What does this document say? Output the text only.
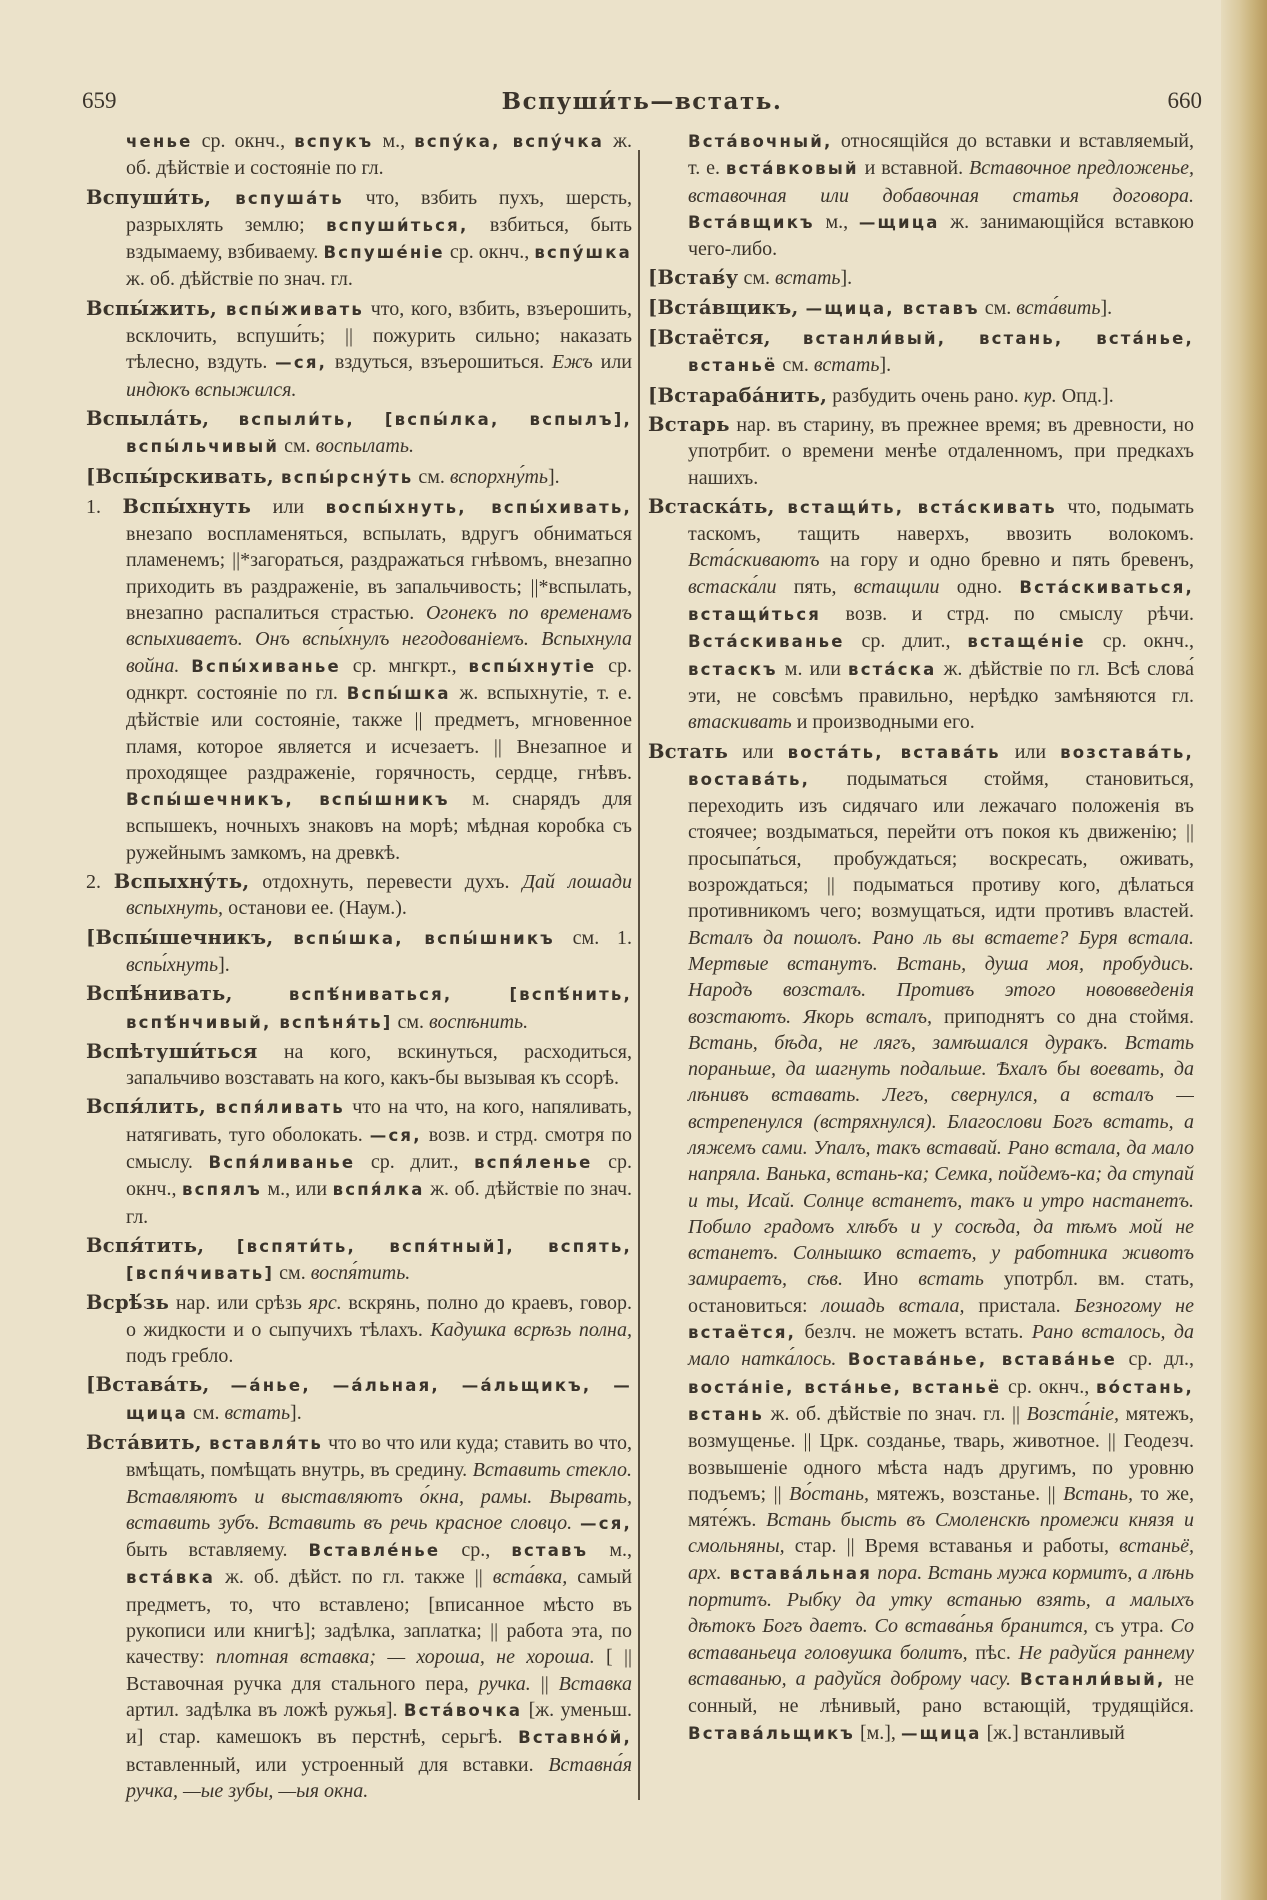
659	Вспуши́ть—встать.	660

ченье ср. окнч., вспукъ м., вспу́ка, вспу́чка ж. об. дѣйствіе и состояніе по гл.

Вспуши́ть, вспуша́ть что, взбить пухъ, шерсть, разрыхлять землю; вспуши́ться, взбиться, быть вздымаему, взбиваему. Вспуше́ніе ср. окнч., вспу́шка ж. об. дѣйствіе по знач. гл.

Вспы́жить, вспы́живать что, кого, взбить, взъерошить, всклочить, вспуши́ть; || пожурить сильно; наказать тѣлесно, вздуть. —ся, вздуться, взъерошиться. Ежъ или индюкъ вспыжился.

Вспыла́ть, вспыли́ть, [вспы́лка, вспылъ], вспы́льчивый см. воспылать.

[Вспы́рскивать, вспы́рсну́ть см. вспорхну́ть].

1. Вспы́хнуть или воспы́хнуть, вспы́хивать, внезапо воспламеняться, вспылать, вдругъ обниматься пламенемъ; ||*загораться, раздражаться гнѣвомъ, внезапно приходить въ раздраженіе, въ запальчивость; ||*вспылать, внезапно распалиться страстью. Огонекъ по временамъ вспыхиваетъ. Онъ вспы́хнулъ негодованіемъ. Вспыхнула война. Вспы́хиванье ср. мнгкрт., вспы́хнутіе ср. однкрт. состояніе по гл. Вспы́шка ж. вспыхнутіе, т. е. дѣйствіе или состояніе, также || предметъ, мгновенное пламя, которое является и исчезаетъ. || Внезапное и проходящее раздраженіе, горячность, сердце, гнѣвъ. Вспы́шечникъ, вспы́шникъ м. снарядъ для вспышекъ, ночныхъ знаковъ на морѣ; мѣдная коробка съ ружейнымъ замкомъ, на древкѣ.

2. Вспыхну́ть, отдохнуть, перевести духъ. Дай лошади вспыхнуть, останови ее. (Наум.).

[Вспы́шечникъ, вспы́шка, вспы́шникъ см. 1. вспы́хнуть].

Вспѣ́нивать, вспѣ́ниваться, [вспѣ́нить, вспѣ́нчивый, вспѣня́ть] см. воспѣнить.

Вспѣтуши́ться на кого, вскинуться, расходиться, запальчиво возставать на кого, какъ-бы вызывая къ ссорѣ.

Вспя́лить, вспя́ливать что на что, на кого, напяливать, натягивать, туго оболокать. —ся, возв. и стрд. смотря по смыслу. Вспя́ливанье ср. длит., вспя́ленье ср. окнч., вспялъ м., или вспя́лка ж. об. дѣйствіе по знач. гл.

Вспя́тить, [вспяти́ть, вспя́тный], вспять, [вспя́чивать] см. воспя́тить.

Всрѣ́зь нар. или срѣзь ярс. вскрянь, полно до краевъ, говор. о жидкости и о сыпучихъ тѣлахъ. Кадушка всрѣзь полна, подъ гребло.

[Встава́ть, —а́нье, —а́льная, —а́льщикъ, —щица см. встать].

Вста́вить, вставля́ть что во что или куда; ставить во что, вмѣщать, помѣщать внутрь, въ средину. Вставить стекло. Вставляютъ и выставляютъ о́кна, рамы. Вырвать, вставить зубъ. Вставить въ речь красное словцо. —ся, быть вставляему. Вставле́нье ср., вставъ м., вста́вка ж. об. дѣйст. по гл. также || вста́вка, самый предметъ, то, что вставлено; [вписанное мѣсто въ рукописи или книгѣ]; задѣлка, заплатка; || работа эта, по качеству: плотная вставка; — хороша, не хороша. [ || Вставочная ручка для стального пера, ручка. || Вставка артил. задѣлка въ ложѣ ружья]. Вста́вочка [ж. уменьш. и] стар. камешокъ въ перстнѣ, серьгѣ. Вставно́й, вставленный, или устроенный для вставки. Вставна́я ручка, —ые зубы, —ыя окна.

Вста́вочный, относящійся до вставки и вставляемый, т. е. вста́вковый и вставной. Вставочное предложенье, вставочная или добавочная статья договора. Вста́вщикъ м., —щица ж. занимающійся вставкою чего-либо.

[Встав́у см. встать].

[Вста́вщикъ, —щица, вставъ см. вста́вить].

[Встаётся, встанли́вый, встань, вста́нье, встаньё см. встать].

[Встараба́нить, разбудить очень рано. кур. Опд.].

Встарь нар. въ старину, въ прежнее время; въ древности, но употрбит. о времени менѣе отдаленномъ, при предкахъ нашихъ.

Встаска́ть, встащи́ть, вста́скивать что, подымать таскомъ, тащить наверхъ, ввозить волокомъ. Вста́скиваютъ на гору и одно бревно и пять бревенъ, встаска́ли пять, встащили одно. Вста́скиваться, встащи́ться возв. и стрд. по смыслу рѣчи. Вста́скиванье ср. длит., встаще́ніе ср. окнч., встаскъ м. или вста́ска ж. дѣйствіе по гл. Всѣ слова́ эти, не совсѣмъ правильно, нерѣдко замѣняются гл. втаскивать и производными его.

Встать или воста́ть, встава́ть или возстава́ть, востава́ть, подыматься стоймя, становиться, переходить изъ сидячаго или лежачаго положенія въ стоячее; воздыматься, перейти отъ покоя къ движенію; || просыпа́ться, пробуждаться; воскресать, оживать, возрождаться; || подыматься противу кого, дѣлаться противникомъ чего; возмущаться, идти противъ властей. Всталъ да пошолъ. Рано ль вы встаете? Буря встала. Мертвые встанутъ. Встань, душа моя, пробудись. Народъ возсталъ. Противъ этого нововведенія возстаютъ. Якорь всталъ, приподнятъ со дна стоймя. Встань, бѣда, не лягъ, замѣшался дуракъ. Встать пораньше, да шагнуть подальше. Ѣхалъ бы воевать, да лѣнивъ вставать. Легъ, свернулся, а всталъ — встрепенулся (встряхнулся). Благослови Богъ встать, а ляжемъ сами. Упалъ, такъ вставай. Рано встала, да мало напряла. Ванька, встань-ка; Семка, пойдемъ-ка; да ступай и ты, Исай. Солнце встанетъ, такъ и утро настанетъ. Побило градомъ хлѣбъ и у сосѣда, да тѣмъ мой не встанетъ. Солнышко встаетъ, у работника животъ замираетъ, сѣв. Ино встать употрбл. вм. стать, остановиться: лошадь встала, пристала. Безногому не встаётся, безлч. не можетъ встать. Рано всталось, да мало натка́лось. Востава́нье, встава́нье ср. дл., воста́ніе, вста́нье, встаньё ср. окнч., во́стань, встань ж. об. дѣйствіе по знач. гл. || Возста́ніе, мятежъ, возмущенье. || Црк. созданье, тварь, животное. || Геодезч. возвышеніе одного мѣста надъ другимъ, по уровню подъемъ; || Во́стань, мятежъ, возстанье. || Встань, то же, мяте́жъ. Встань бысть въ Смоленскѣ промежи князя и смольняны, стар. || Время вставанья и работы, встаньё, арх. встава́льная пора. Встань мужа кормитъ, а лѣнь портитъ. Рыбку да утку встанью взять, а малыхъ дѣтокъ Богъ даетъ. Со встава́нья бранится, съ утра. Со вставаньеца головушка болитъ, пѣс. Не радуйся раннему вставанью, а радуйся доброму часу. Встанли́вый, не сонный, не лѣнивый, рано встающій, трудящійся. Встава́льщикъ [м.], —щица [ж.] встанливый
